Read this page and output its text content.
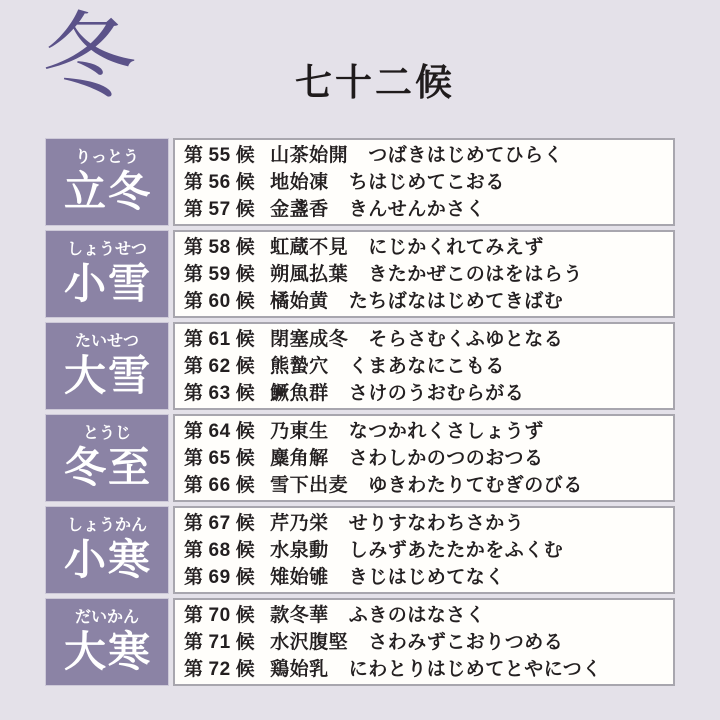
冬	七十二候
りっとう
立冬
第 55 候 山茶始開 つばきはじめてひらく
第 56 候 地始凍 ちはじめてこおる
第 57 候 金盞香 きんせんかさく
しょうせつ
小雪
第 58 候 虹蔵不見 にじかくれてみえず
第 59 候 朔風払葉 きたかぜこのはをはらう
第 60 候 橘始黄 たちばなはじめてきばむ
たいせつ
大雪
第 61 候 閉塞成冬 そらさむくふゆとなる
第 62 候 熊蟄穴 くまあなにこもる
第 63 候 鱖魚群 さけのうおむらがる
とうじ
冬至
第 64 候 乃東生 なつかれくさしょうず
第 65 候 麋角解 さわしかのつのおつる
第 66 候 雪下出麦 ゆきわたりてむぎのびる
しょうかん
小寒
第 67 候 芹乃栄 せりすなわちさかう
第 68 候 水泉動 しみずあたたかをふくむ
第 69 候 雉始雊 きじはじめてなく
だいかん
大寒
第 70 候 款冬華 ふきのはなさく
第 71 候 水沢腹堅 さわみずこおりつめる
第 72 候 鶏始乳 にわとりはじめてとやにつく
